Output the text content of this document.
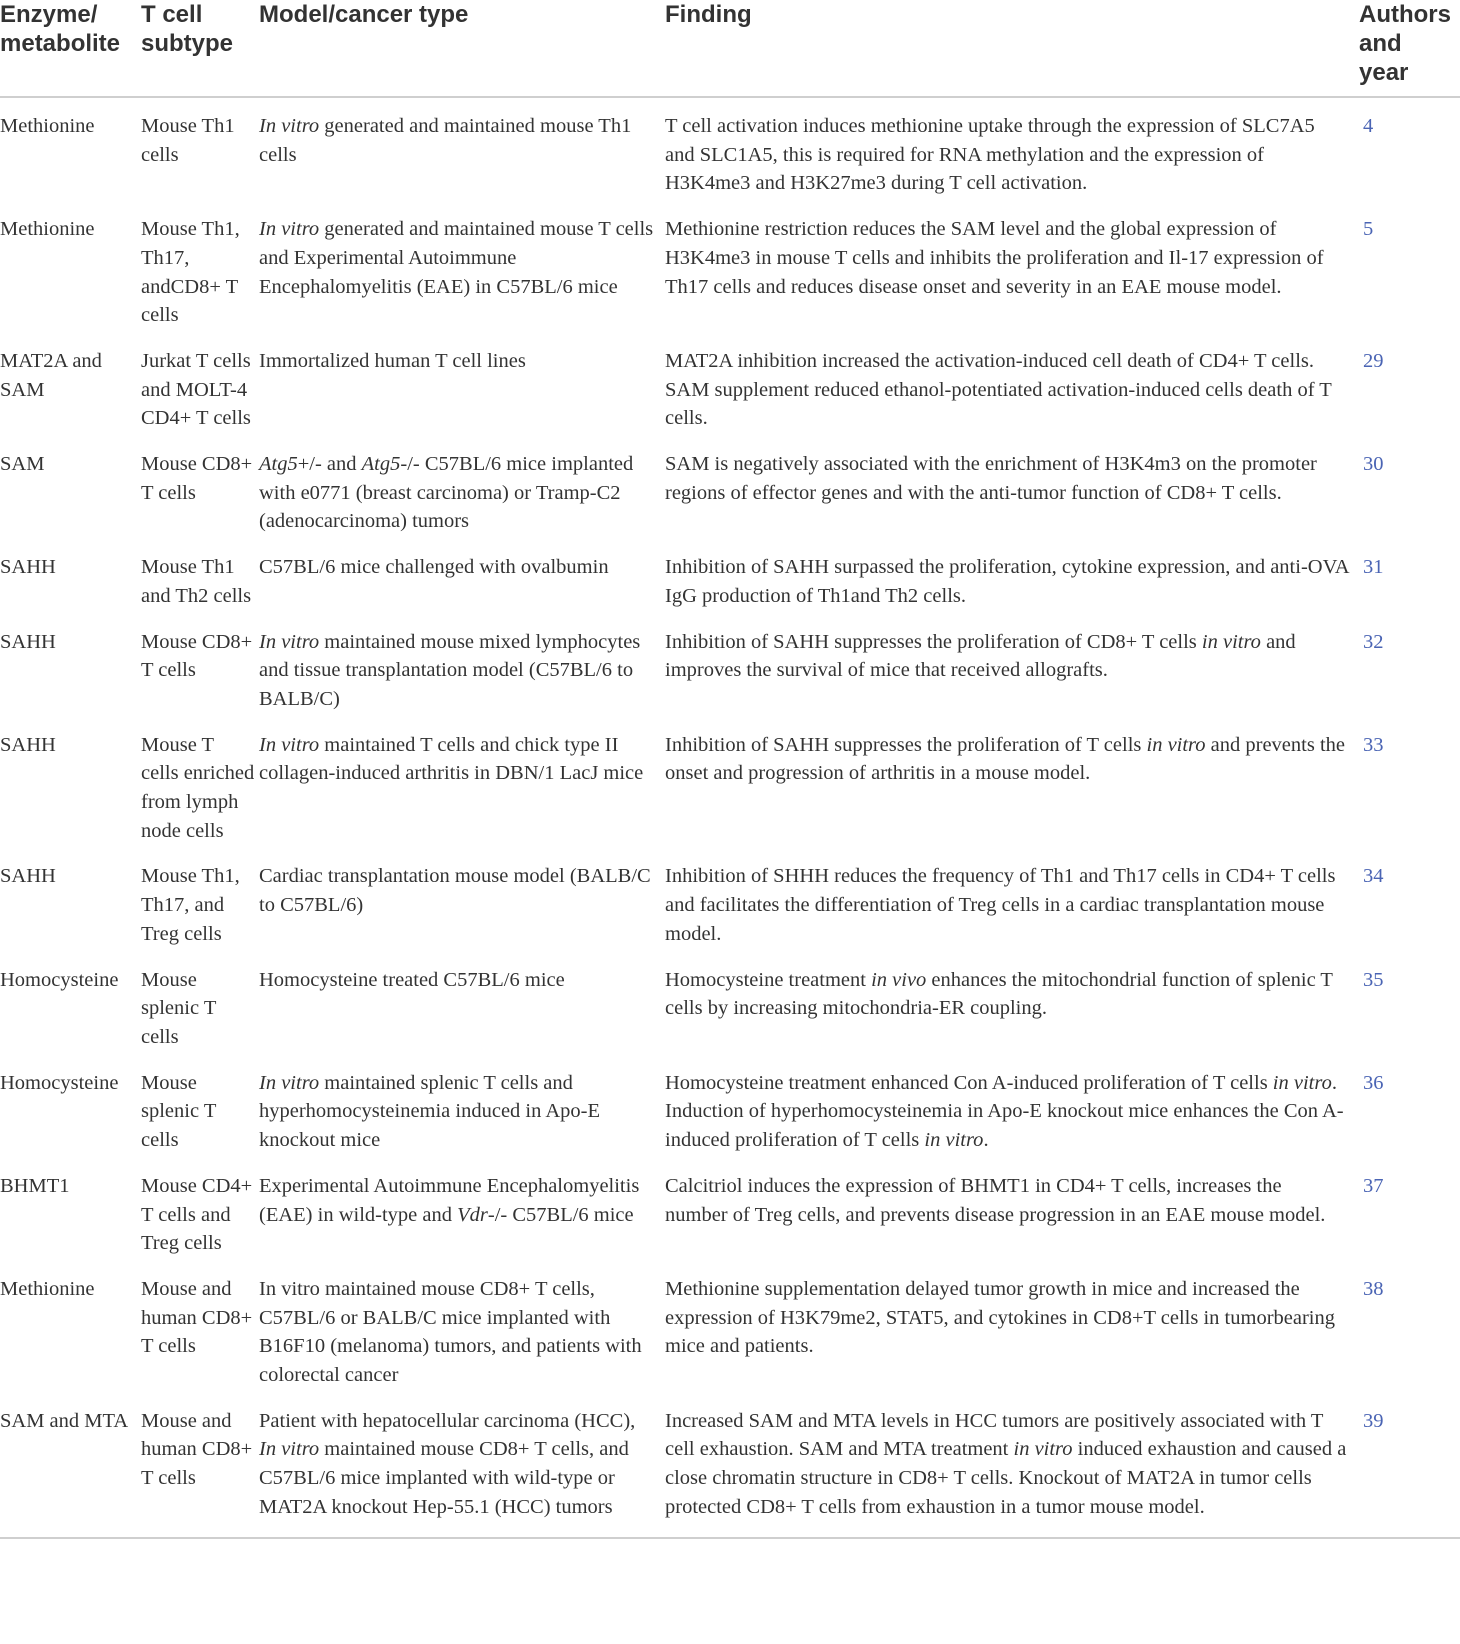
Enzyme/ metabolite	T cell subtype	Model/cancer type	Finding	Authors and year
Methionine	Mouse Th1 cells	In vitro generated and maintained mouse Th1 cells	T cell activation induces methionine uptake through the expression of SLC7A5 and SLC1A5, this is required for RNA methylation and the expression of H3K4me3 and H3K27me3 during T cell activation.	4
Methionine	Mouse Th1, Th17, andCD8+ T cells	In vitro generated and maintained mouse T cells and Experimental Autoimmune Encephalomyelitis (EAE) in C57BL/6 mice	Methionine restriction reduces the SAM level and the global expression of H3K4me3 in mouse T cells and inhibits the proliferation and Il-17 expression of Th17 cells and reduces disease onset and severity in an EAE mouse model.	5
MAT2A and SAM	Jurkat T cells and MOLT-4 CD4+ T cells	Immortalized human T cell lines	MAT2A inhibition increased the activation-induced cell death of CD4+ T cells. SAM supplement reduced ethanol-potentiated activation-induced cells death of T cells.	29
SAM	Mouse CD8+ T cells	Atg5+/- and Atg5-/- C57BL/6 mice implanted with e0771 (breast carcinoma) or Tramp-C2 (adenocarcinoma) tumors	SAM is negatively associated with the enrichment of H3K4m3 on the promoter regions of effector genes and with the anti-tumor function of CD8+ T cells.	30
SAHH	Mouse Th1 and Th2 cells	C57BL/6 mice challenged with ovalbumin	Inhibition of SAHH surpassed the proliferation, cytokine expression, and anti-OVA IgG production of Th1and Th2 cells.	31
SAHH	Mouse CD8+ T cells	In vitro maintained mouse mixed lymphocytes and tissue transplantation model (C57BL/6 to BALB/C)	Inhibition of SAHH suppresses the proliferation of CD8+ T cells in vitro and improves the survival of mice that received allografts.	32
SAHH	Mouse T cells enriched from lymph node cells	In vitro maintained T cells and chick type II collagen-induced arthritis in DBN/1 LacJ mice	Inhibition of SAHH suppresses the proliferation of T cells in vitro and prevents the onset and progression of arthritis in a mouse model.	33
SAHH	Mouse Th1, Th17, and Treg cells	Cardiac transplantation mouse model (BALB/C to C57BL/6)	Inhibition of SHHH reduces the frequency of Th1 and Th17 cells in CD4+ T cells and facilitates the differentiation of Treg cells in a cardiac transplantation mouse model.	34
Homocysteine	Mouse splenic T cells	Homocysteine treated C57BL/6 mice	Homocysteine treatment in vivo enhances the mitochondrial function of splenic T cells by increasing mitochondria-ER coupling.	35
Homocysteine	Mouse splenic T cells	In vitro maintained splenic T cells and hyperhomocysteinemia induced in Apo-E knockout mice	Homocysteine treatment enhanced Con A-induced proliferation of T cells in vitro. Induction of hyperhomocysteinemia in Apo-E knockout mice enhances the Con A-induced proliferation of T cells in vitro.	36
BHMT1	Mouse CD4+ T cells and Treg cells	Experimental Autoimmune Encephalomyelitis (EAE) in wild-type and Vdr-/- C57BL/6 mice	Calcitriol induces the expression of BHMT1 in CD4+ T cells, increases the number of Treg cells, and prevents disease progression in an EAE mouse model.	37
Methionine	Mouse and human CD8+ T cells	In vitro maintained mouse CD8+ T cells, C57BL/6 or BALB/C mice implanted with B16F10 (melanoma) tumors, and patients with colorectal cancer	Methionine supplementation delayed tumor growth in mice and increased the expression of H3K79me2, STAT5, and cytokines in CD8+T cells in tumorbearing mice and patients.	38
SAM and MTA	Mouse and human CD8+ T cells	Patient with hepatocellular carcinoma (HCC), In vitro maintained mouse CD8+ T cells, and C57BL/6 mice implanted with wild-type or MAT2A knockout Hep-55.1 (HCC) tumors	Increased SAM and MTA levels in HCC tumors are positively associated with T cell exhaustion. SAM and MTA treatment in vitro induced exhaustion and caused a close chromatin structure in CD8+ T cells. Knockout of MAT2A in tumor cells protected CD8+ T cells from exhaustion in a tumor mouse model.	39
